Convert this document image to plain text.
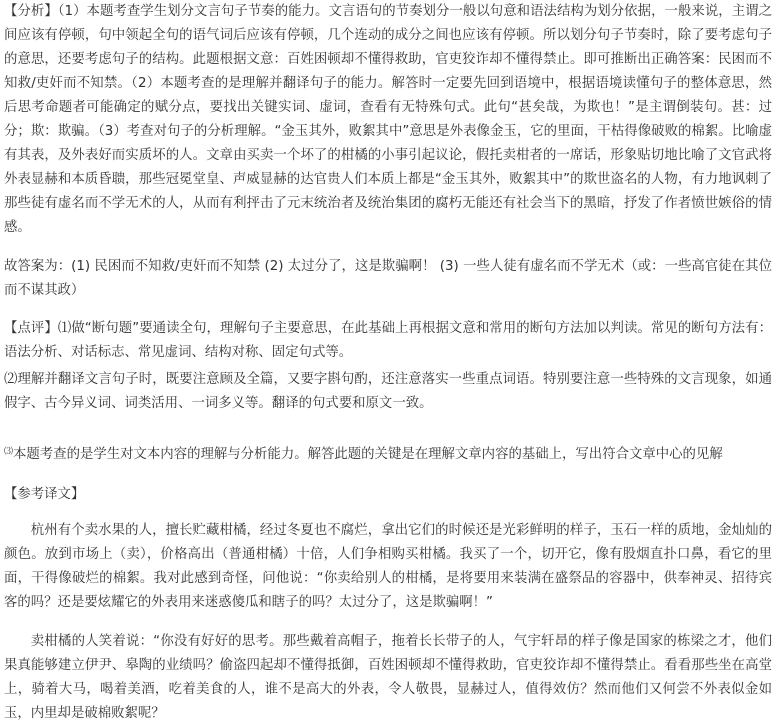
【分析】（1）本题考查学生划分文言句子节奏的能力。文言语句的节奏划分一般以句意和语法结构为划分依据，一般来说，主谓之间应该有停顿，句中领起全句的语气词后应该有停顿，几个连动的成分之间也应该有停顿。所以划分句子节奏时，除了要考虑句子的意思，还要考虑句子的结构。此题根据文意：百姓困顿却不懂得救助，官吏狡诈却不懂得禁止。即可推断出正确答案：民困而不知救/吏奸而不知禁。（2）本题考查的是理解并翻译句子的能力。解答时一定要先回到语境中，根据语境读懂句子的整体意思，然后思考命题者可能确定的赋分点，要找出关键实词、虚词，查看有无特殊句式。此句“甚矣哉，为欺也！”是主谓倒装句。甚：过分；欺：欺骗。（3）考查对句子的分析理解。“金玉其外，败絮其中”意思是外表像金玉，它的里面，干枯得像破败的棉絮。比喻虚有其表，及外表好而实质坏的人。文章由买卖一个坏了的柑橘的小事引起议论，假托卖柑者的一席话，形象贴切地比喻了文官武将外表显赫和本质昏聩，那些冠冕堂皇、声威显赫的达官贵人们本质上都是“金玉其外，败絮其中”的欺世盗名的人物，有力地讽刺了那些徒有虚名而不学无术的人，从而有利抨击了元末统治者及统治集团的腐朽无能还有社会当下的黑暗，抒发了作者愤世嫉俗的情感。

故答案为：(1) 民困而不知救/吏奸而不知禁 (2) 太过分了，这是欺骗啊！ (3) 一些人徒有虚名而不学无术（或：一些高官徒在其位而不谋其政）

【点评】⑴做“断句题”要通读全句，理解句子主要意思，在此基础上再根据文意和常用的断句方法加以判读。常见的断句方法有：语法分析、对话标志、常见虚词、结构对称、固定句式等。

⑵理解并翻译文言句子时，既要注意顾及全篇，又要字斟句酌，还注意落实一些重点词语。特别要注意一些特殊的文言现象，如通假字、古今异义词、词类活用、一词多义等。翻译的句式要和原文一致。

⑶本题考查的是学生对文本内容的理解与分析能力。解答此题的关键是在理解文章内容的基础上，写出符合文章中心的见解

【参考译文】

杭州有个卖水果的人，擅长贮藏柑橘，经过冬夏也不腐烂，拿出它们的时候还是光彩鲜明的样子，玉石一样的质地，金灿灿的颜色。放到市场上（卖），价格高出（普通柑橘）十倍，人们争相购买柑橘。我买了一个，切开它，像有股烟直扑口鼻，看它的里面，干得像破烂的棉絮。我对此感到奇怪，问他说：“你卖给别人的柑橘，是将要用来装满在盛祭品的容器中，供奉神灵、招待宾客的吗？还是要炫耀它的外表用来迷惑傻瓜和瞎子的吗？太过分了，这是欺骗啊！”

卖柑橘的人笑着说：“你没有好好的思考。那些戴着高帽子，拖着长长带子的人，气宇轩昂的样子像是国家的栋梁之才，他们果真能够建立伊尹、皋陶的业绩吗？偷盗四起却不懂得抵御，百姓困顿却不懂得救助，官吏狡诈却不懂得禁止。看看那些坐在高堂上，骑着大马，喝着美酒，吃着美食的人，谁不是高大的外表，令人敬畏，显赫过人，值得效仿？然而他们又何尝不外表似金如玉，内里却是破棉败絮呢？
